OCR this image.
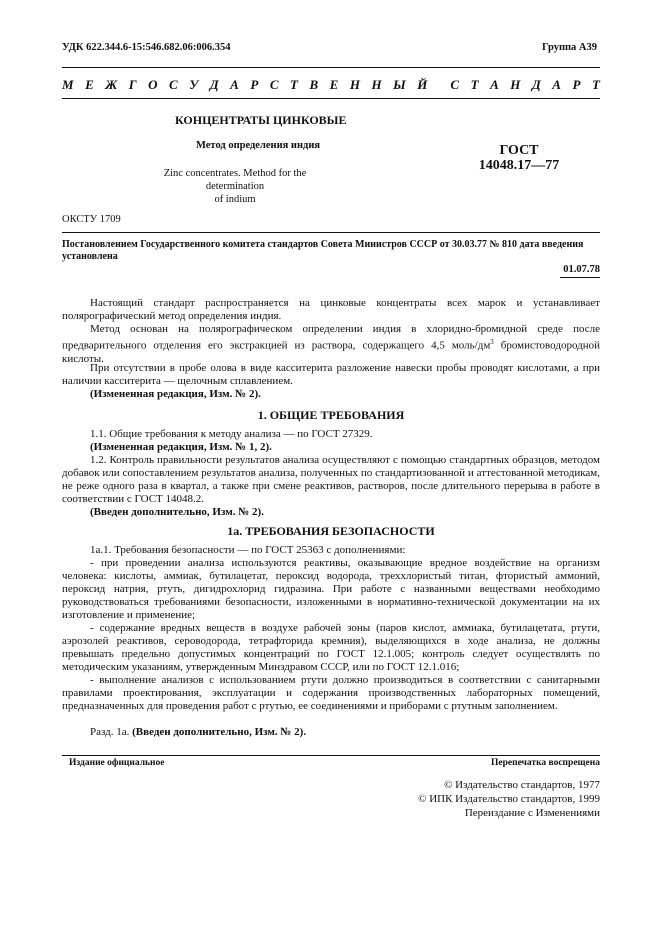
УДК 622.344.6-15:546.682.06:006.354	Группа А39
М Е Ж Г О С У Д А Р С Т В Е Н Н Ы Й С Т А Н Д А Р Т
КОНЦЕНТРАТЫ ЦИНКОВЫЕ
Метод определения индия
Zinc concentrates. Method for the determination
of indium
ГОСТ
14048.17—77
ОКСТУ 1709
Постановлением Государственного комитета стандартов Совета Министров СССР от 30.03.77 № 810 дата введения установлена
01.07.78

Настоящий стандарт распространяется на цинковые концентраты всех марок и устанавливает полярографический метод определения индия.

Метод основан на полярографическом определении индия в хлоридно-бромидной среде после предварительного отделения его экстракцией из раствора, содержащего 4,5 моль/$дм^3$ бромистоводородной кислоты.

При отсутствии в пробе олова в виде касситерита разложение навески пробы проводят кислотами, а при наличии касситерита — щелочным сплавлением.

(Измененная редакция, Изм. № 2).

1. ОБЩИЕ ТРЕБОВАНИЯ

1.1. Общие требования к методу анализа — по ГОСТ 27329.

(Измененная редакция, Изм. № 1, 2).

1.2. Контроль правильности результатов анализа осуществляют с помощью стандартных образцов, методом добавок или сопоставлением результатов анализа, полученных по стандартизованной и аттестованной методикам, не реже одного раза в квартал, а также при смене реактивов, растворов, после длительного перерыва в работе в соответствии с ГОСТ 14048.2.

(Введен дополнительно, Изм. № 2).

1а. ТРЕБОВАНИЯ БЕЗОПАСНОСТИ

1а.1. Требования безопасности — по ГОСТ 25363 с дополнениями:

- при проведении анализа используются реактивы, оказывающие вредное воздействие на организм человека: кислоты, аммиак, бутилацетат, пероксид водорода, треххлористый титан, фтористый аммоний, пероксид натрия, ртуть, дигидрохлорид гидразина. При работе с названными веществами необходимо руководствоваться требованиями безопасности, изложенными в нормативно-технической документации на их изготовление и применение;

- содержание вредных веществ в воздухе рабочей зоны (паров кислот, аммиака, бутилацетата, ртути, аэрозолей реактивов, сероводорода, тетрафторида кремния), выделяющихся в ходе анализа, не должны превышать предельно допустимых концентраций по ГОСТ 12.1.005; контроль следует осуществлять по методическим указаниям, утвержденным Минздравом СССР, или по ГОСТ 12.1.016;

- выполнение анализов с использованием ртути должно производиться в соответствии с санитарными правилами проектирования, эксплуатации и содержания производственных лабораторных помещений, предназначенных для проведения работ с ртутью, ее соединениями и приборами с ртутным заполнением.

Разд. 1а. (Введен дополнительно, Изм. № 2).

Издание официальное	Перепечатка воспрещена
© Издательство стандартов, 1977
© ИПК Издательство стандартов, 1999
Переиздание с Изменениями
